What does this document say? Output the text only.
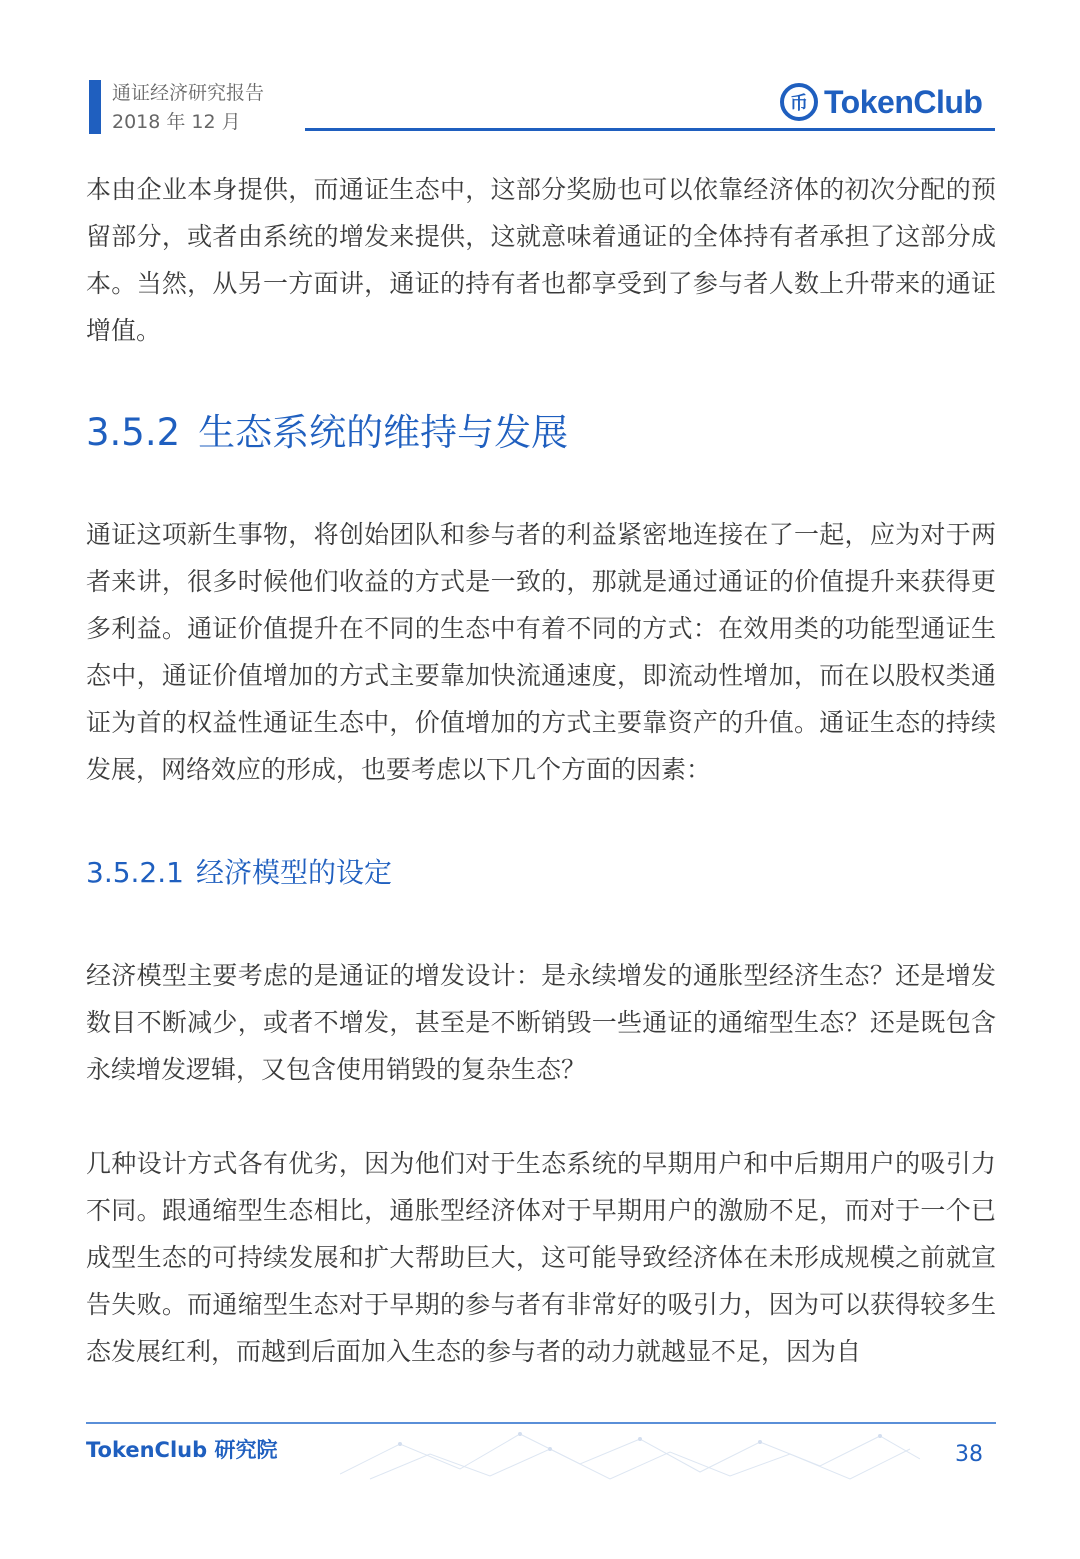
通证经济研究报告
2018 年 12 月
币 TokenClub

本由企业本身提供，而通证生态中，这部分奖励也可以依靠经济体的初次分配的预留部分，或者由系统的增发来提供，这就意味着通证的全体持有者承担了这部分成本。当然，从另一方面讲，通证的持有者也都享受到了参与者人数上升带来的通证增值。

3.5.2 生态系统的维持与发展

通证这项新生事物，将创始团队和参与者的利益紧密地连接在了一起，应为对于两者来讲，很多时候他们收益的方式是一致的，那就是通过通证的价值提升来获得更多利益。通证价值提升在不同的生态中有着不同的方式：在效用类的功能型通证生态中，通证价值增加的方式主要靠加快流通速度，即流动性增加，而在以股权类通证为首的权益性通证生态中，价值增加的方式主要靠资产的升值。通证生态的持续发展，网络效应的形成，也要考虑以下几个方面的因素：

3.5.2.1 经济模型的设定

经济模型主要考虑的是通证的增发设计：是永续增发的通胀型经济生态？还是增发数目不断减少，或者不增发，甚至是不断销毁一些通证的通缩型生态？还是既包含永续增发逻辑，又包含使用销毁的复杂生态？

几种设计方式各有优劣，因为他们对于生态系统的早期用户和中后期用户的吸引力不同。跟通缩型生态相比，通胀型经济体对于早期用户的激励不足，而对于一个已成型生态的可持续发展和扩大帮助巨大，这可能导致经济体在未形成规模之前就宣告失败。而通缩型生态对于早期的参与者有非常好的吸引力，因为可以获得较多生态发展红利，而越到后面加入生态的参与者的动力就越显不足，因为自

TokenClub 研究院	38
